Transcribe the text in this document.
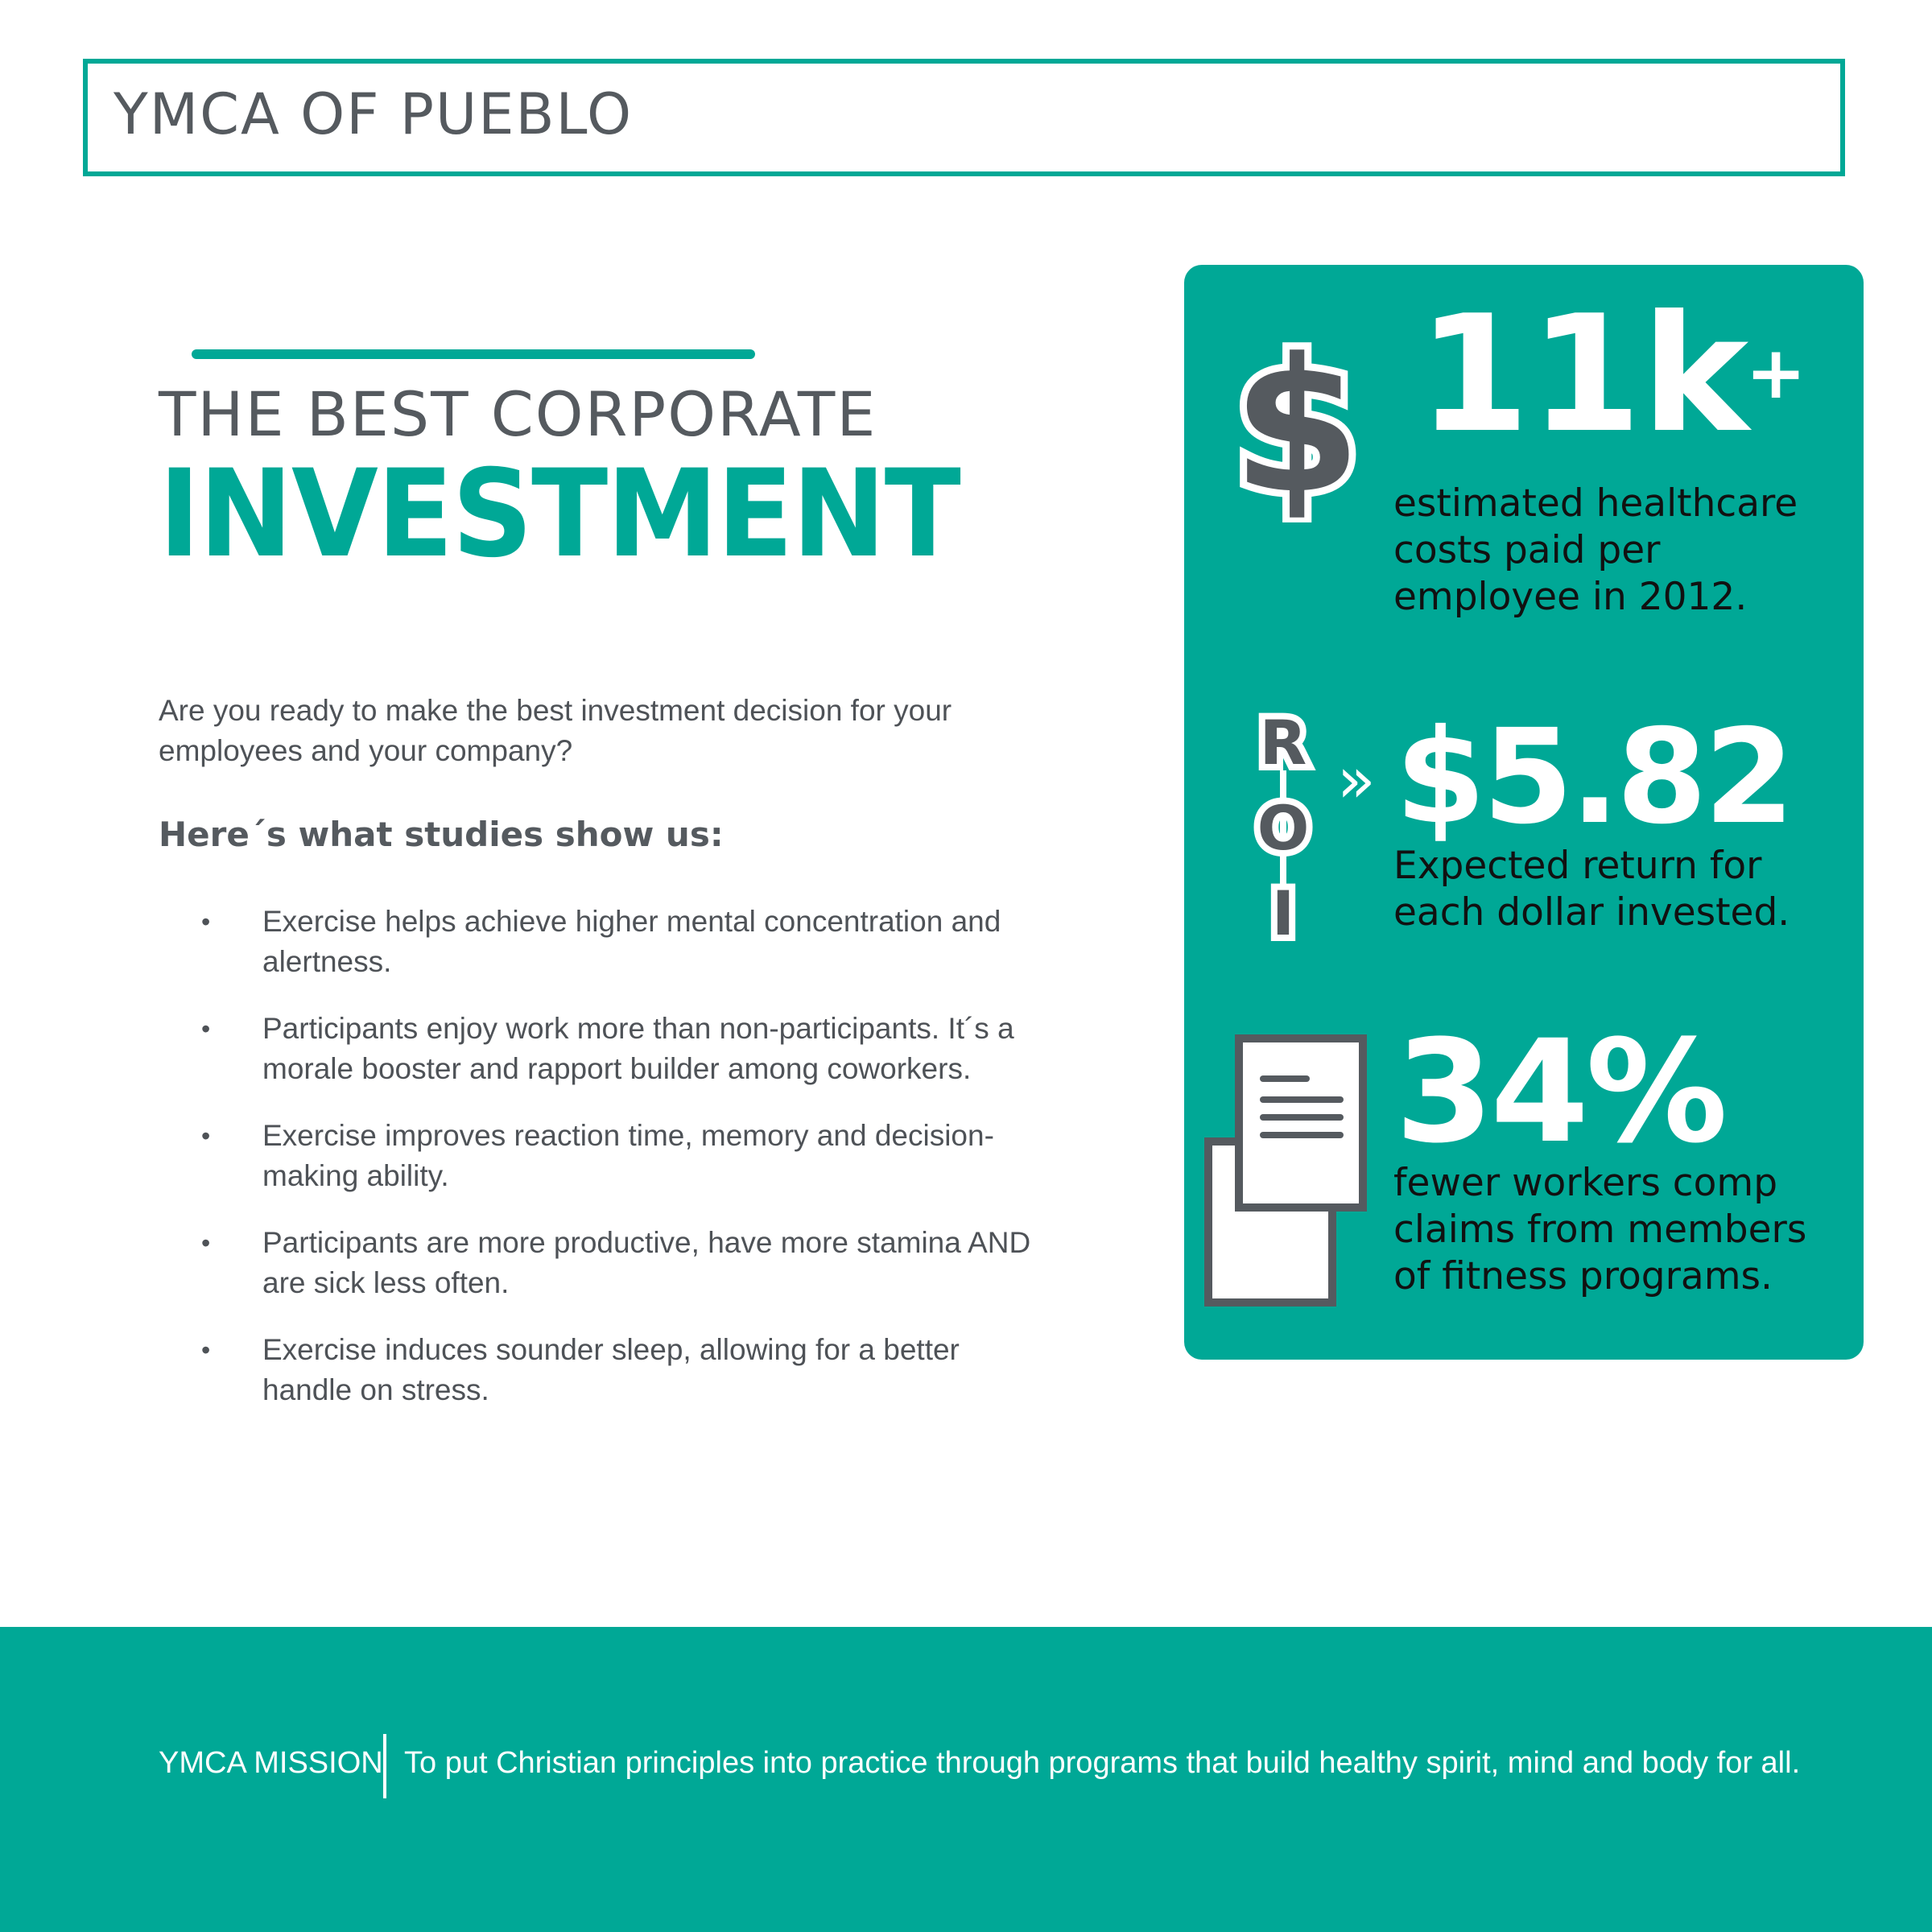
YMCA OF PUEBLO
THE BEST CORPORATE
INVESTMENT
Are you ready to make the best investment decision for your employees and your company?
Here´s what studies show us:
• Exercise helps achieve higher mental concentration and alertness.
• Participants enjoy work more than non-participants. It´s a morale booster and rapport builder among coworkers.
• Exercise improves reaction time, memory and decision-making ability.
• Participants are more productive, have more stamina AND are sick less often.
• Exercise induces sounder sleep, allowing for a better handle on stress.
$ 11k+
estimated healthcare
costs paid per
employee in 2012.
R
O
I
» $5.82
Expected return for
each dollar invested.
34%
fewer workers comp
claims from members
of fitness programs.
YMCA MISSION To put Christian principles into practice through programs that build healthy spirit, mind and body for all.
